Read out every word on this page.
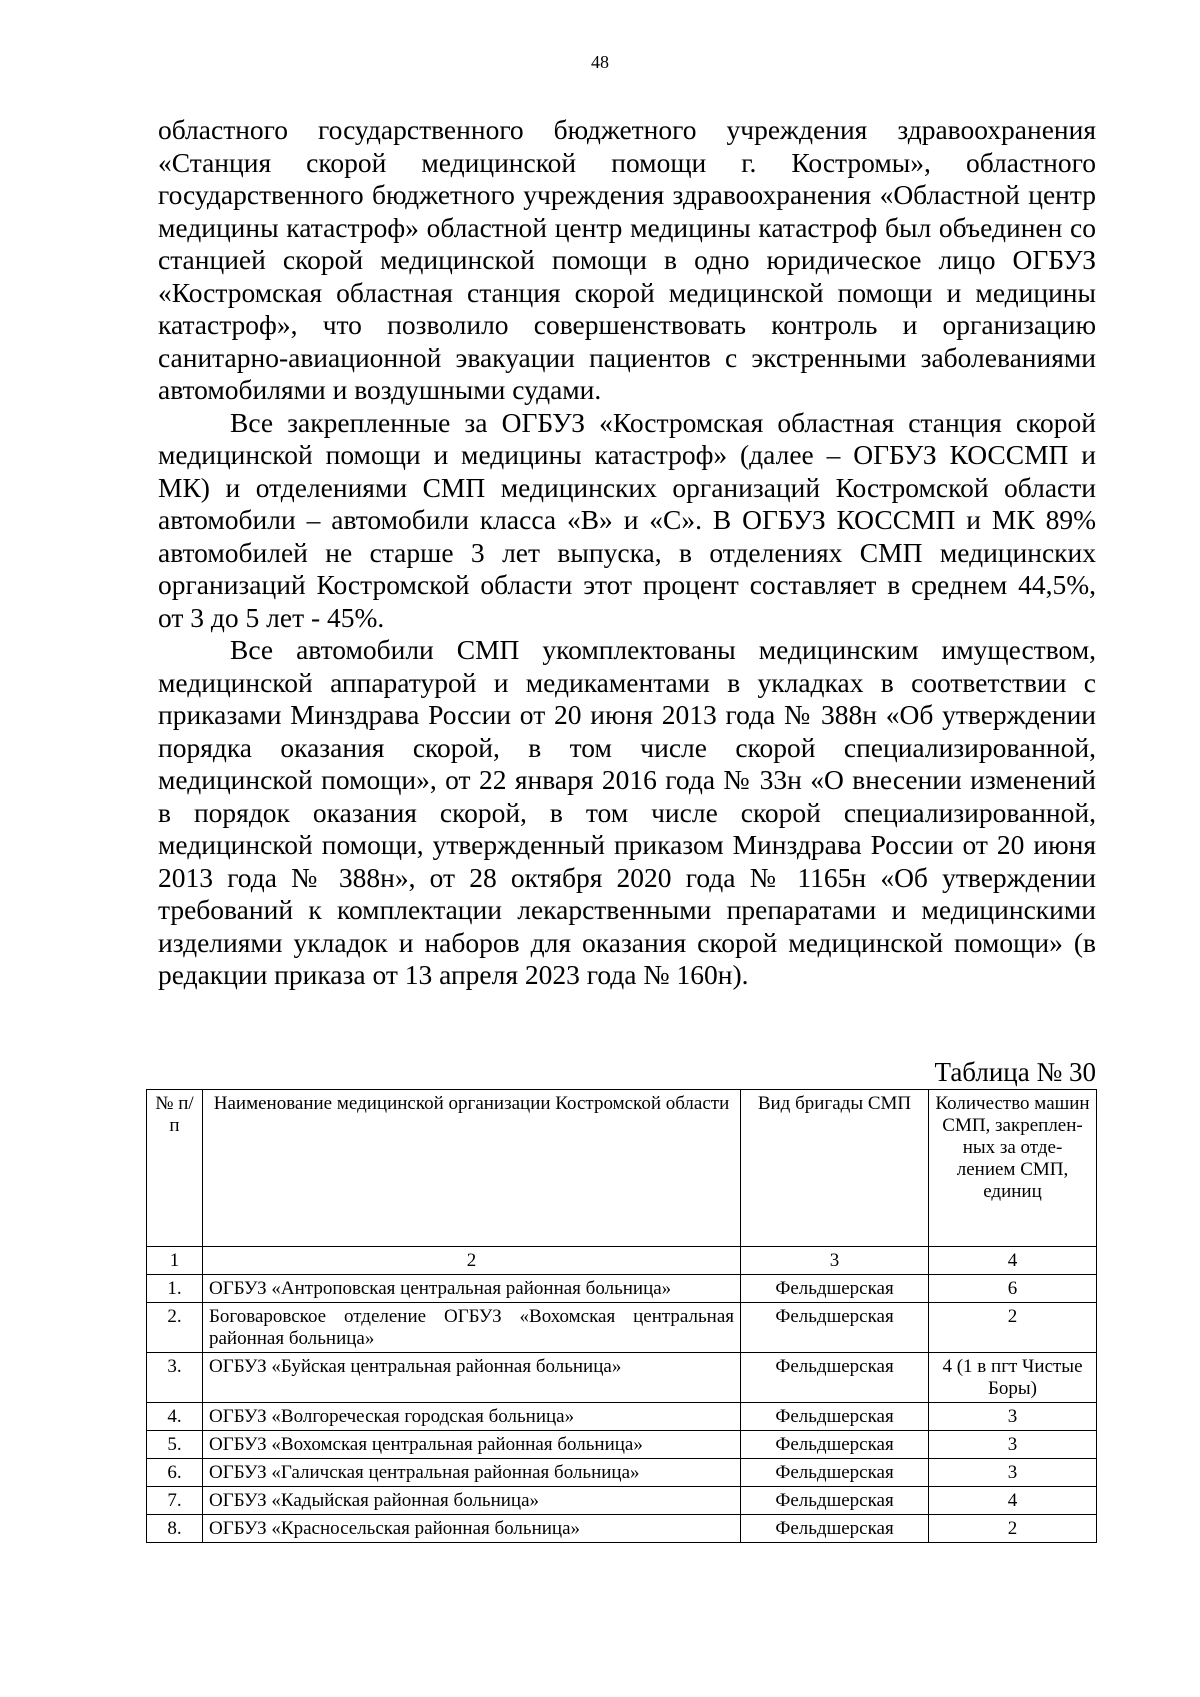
48

областного государственного бюджетного учреждения здравоохранения «Станция скорой медицинской помощи г. Костромы», областного государственного бюджетного учреждения здравоохранения «Областной центр медицины катастроф» областной центр медицины катастроф был объединен со станцией скорой медицинской помощи в одно юридическое лицо ОГБУЗ «Костромская областная станция скорой медицинской помощи и медицины катастроф», что позволило совершенствовать контроль и организацию санитарно-авиационной эвакуации пациентов с экстренными заболеваниями автомобилями и воздушными судами.

Все закрепленные за ОГБУЗ «Костромская областная станция скорой медицинской помощи и медицины катастроф» (далее – ОГБУЗ КОССМП и МК) и отделениями СМП медицинских организаций Костромской области автомобили – автомобили класса «В» и «С». В ОГБУЗ КОССМП и МК 89% автомобилей не старше 3 лет выпуска, в отделениях СМП медицинских организаций Костромской области этот процент составляет в среднем 44,5%, от 3 до 5 лет - 45%.

Все автомобили СМП укомплектованы медицинским имуществом, медицинской аппаратурой и медикаментами в укладках в соответствии с приказами Минздрава России от 20 июня 2013 года № 388н «Об утверждении порядка оказания скорой, в том числе скорой специализированной, медицинской помощи», от 22 января 2016 года № 33н «О внесении изменений в порядок оказания скорой, в том числе скорой специализированной, медицинской помощи, утвержденный приказом Минздрава России от 20 июня 2013 года № 388н», от 28 октября 2020 года № 1165н «Об утверждении требований к комплектации лекарственными препаратами и медицинскими изделиями укладок и наборов для оказания скорой медицинской помощи» (в редакции приказа от 13 апреля 2023 года № 160н).

Таблица № 30
№ п/п	Наименование медицинской организации Костромской области	Вид бригады СМП	Количество машин СМП, закреплен-ных за отде-лением СМП, единиц
1	2	3	4
1.	ОГБУЗ «Антроповская центральная районная больница»	Фельдшерская	6
2.	Боговаровское отделение ОГБУЗ «Вохомская центральная районная больница»	Фельдшерская	2
3.	ОГБУЗ «Буйская центральная районная больница»	Фельдшерская	4 (1 в пгт Чистые Боры)
4.	ОГБУЗ «Волгореческая городская больница»	Фельдшерская	3
5.	ОГБУЗ «Вохомская центральная районная больница»	Фельдшерская	3
6.	ОГБУЗ «Галичская центральная районная больница»	Фельдшерская	3
7.	ОГБУЗ «Кадыйская районная больница»	Фельдшерская	4
8.	ОГБУЗ «Красносельская районная больница»	Фельдшерская	2
